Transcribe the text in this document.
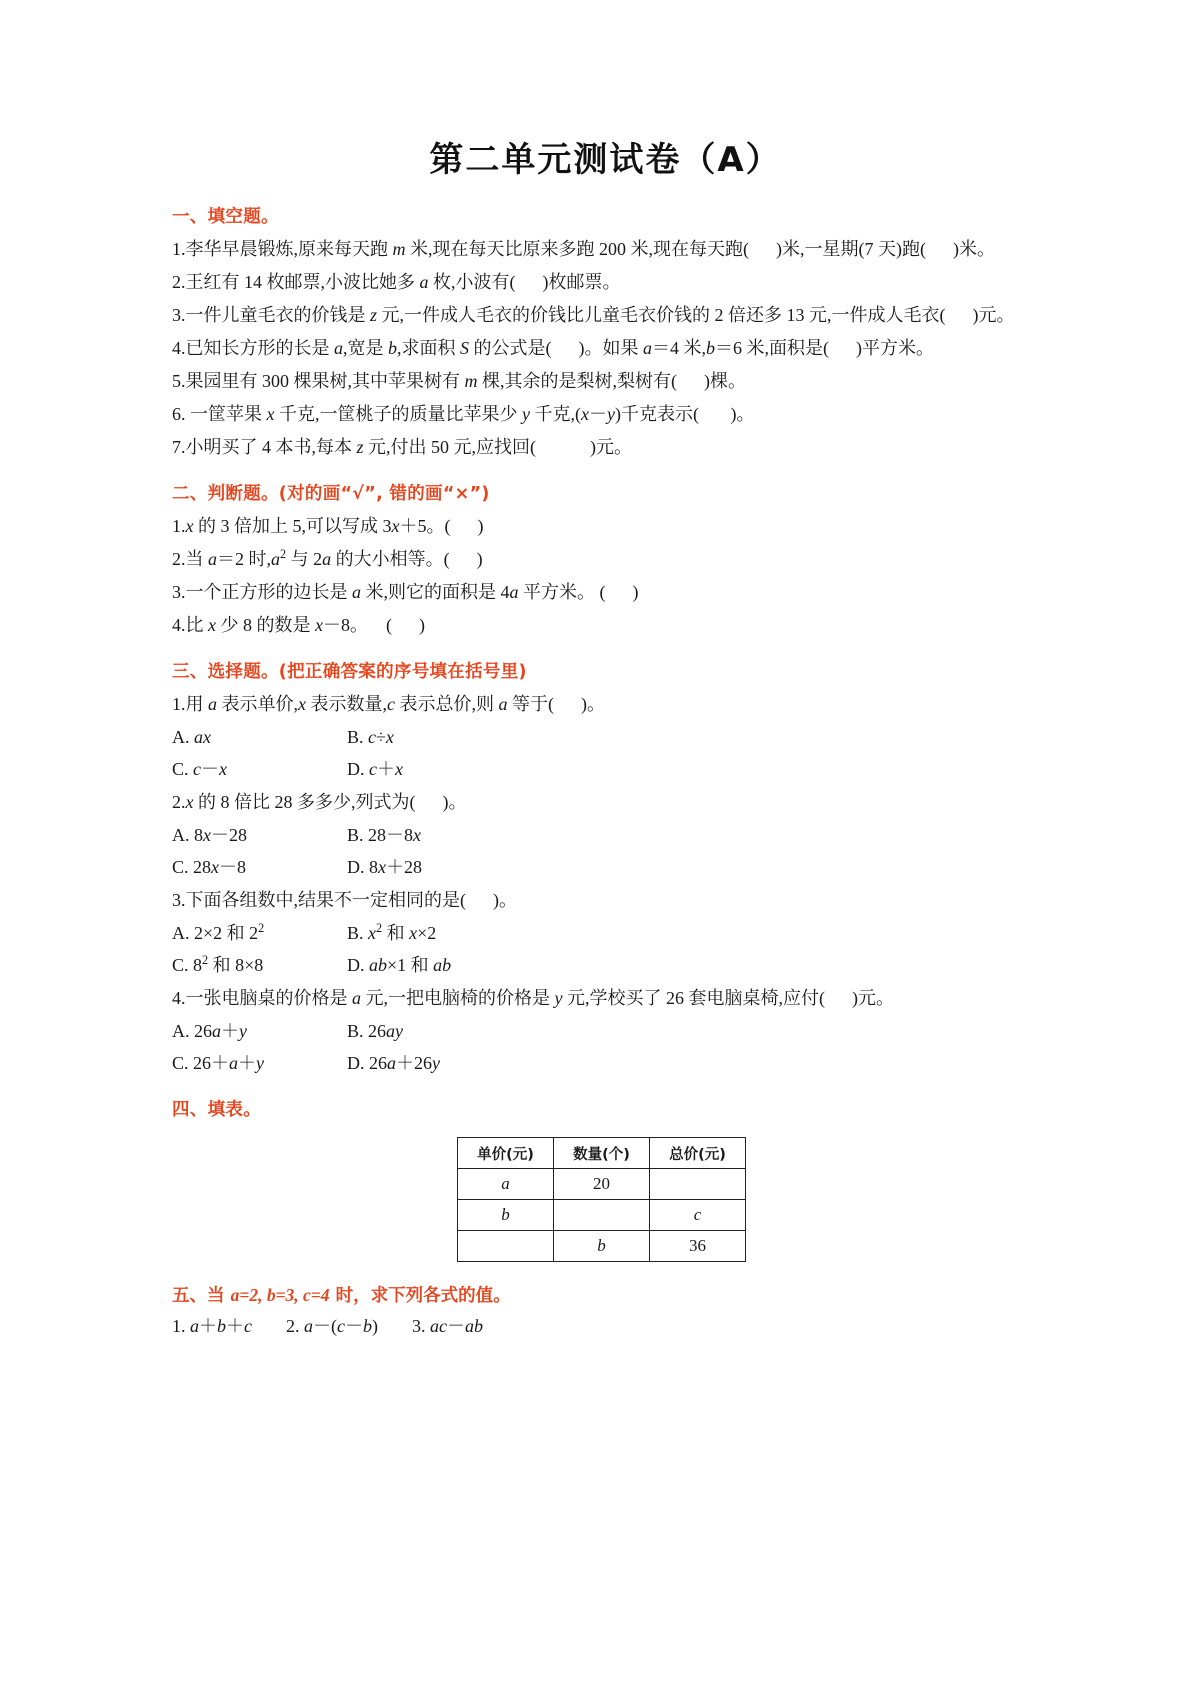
第二单元测试卷（A）
一、填空题。
1.李华早晨锻炼,原来每天跑 m 米,现在每天比原来多跑 200 米,现在每天跑(      )米,一星期(7 天)跑(      )米。
2.王红有 14 枚邮票,小波比她多 a 枚,小波有(      )枚邮票。
3.一件儿童毛衣的价钱是 z 元,一件成人毛衣的价钱比儿童毛衣价钱的 2 倍还多 13 元,一件成人毛衣(      )元。
4.已知长方形的长是 a,宽是 b,求面积 S 的公式是(      )。如果 a＝4 米,b＝6 米,面积是(      )平方米。
5.果园里有 300 棵果树,其中苹果树有 m 棵,其余的是梨树,梨树有(      )棵。
6. 一筐苹果 x 千克,一筐桃子的质量比苹果少 y 千克,(x－y)千克表示(       )。
7.小明买了 4 本书,每本 z 元,付出 50 元,应找回(            )元。
二、判断题。(对的画“√”, 错的画“×”)
1.x 的 3 倍加上 5,可以写成 3x＋5。(      )
2.当 a＝2 时$,a^2$ 与 2a 的大小相等。(      )
3.一个正方形的边长是 a 米,则它的面积是 4a 平方米。 (      )
4.比 x 少 8 的数是 x－8。    (      )
三、选择题。(把正确答案的序号填在括号里)
1.用 a 表示单价,x 表示数量,c 表示总价,则 a 等于(      )。
A. ax	B. c÷x
C. c－x	D. c＋x
2.x 的 8 倍比 28 多多少,列式为(      )。
A. 8x－28	B. 28－8x
C. 28x－8	D. 8x＋28
3.下面各组数中,结果不一定相同的是(      )。
A. 2×2 和 $2^2$	B. $x^2$ 和 x×2
C. $8^2$ 和 8×8	D. ab×1 和 ab
4.一张电脑桌的价格是 a 元,一把电脑椅的价格是 y 元,学校买了 26 套电脑桌椅,应付(      )元。
A. 26a＋y	B. 26ay
C. 26＋a＋y	D. 26a＋26y
四、填表。
单价(元)	数量(个)	总价(元)
a	20	
b		c
	b	36
五、当 a=2, b=3, c=4 时，求下列各式的值。
1. a＋b＋c 2. a－(c－b) 3. ac－ab
